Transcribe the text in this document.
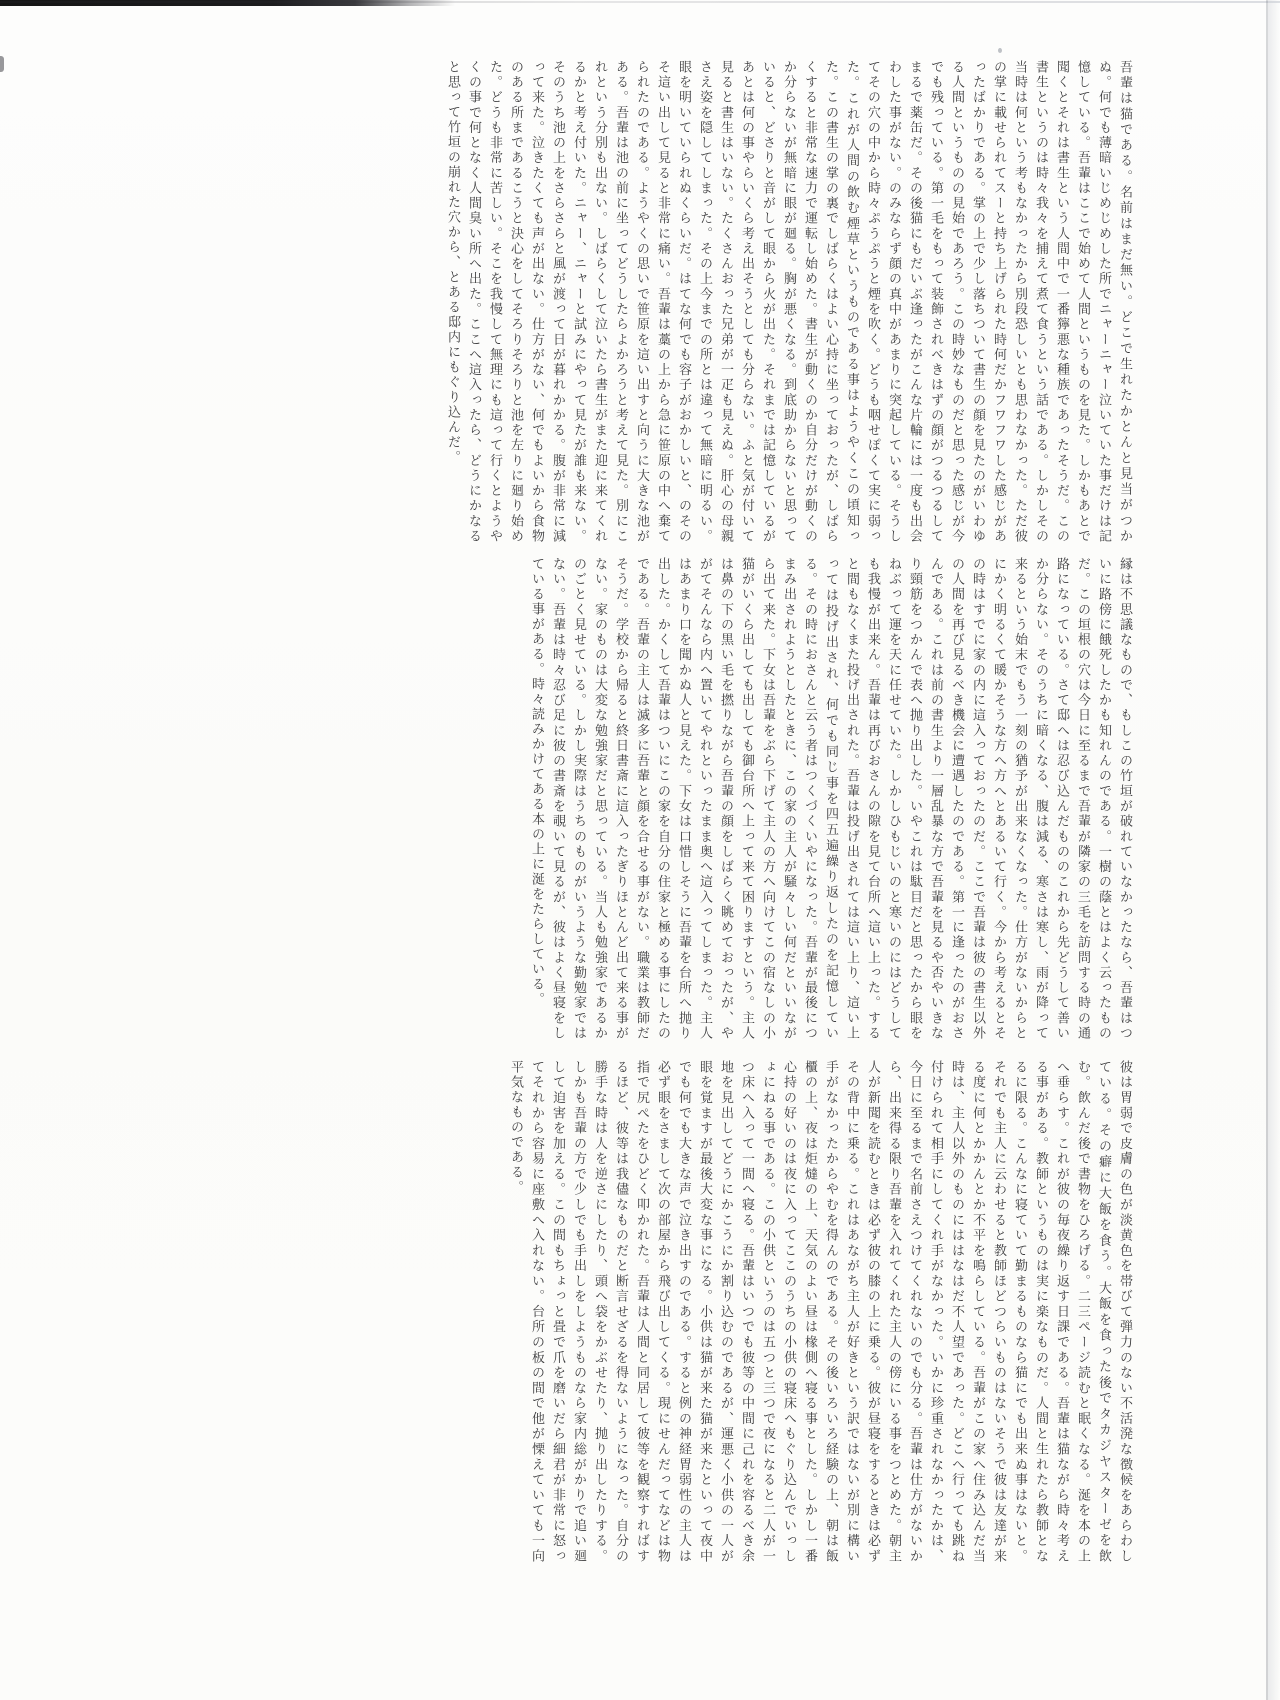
吾輩は猫である。名前はまだ無い。どこで生れたかとんと見当がつかぬ。何でも薄暗いじめじめした所でニャーニャー泣いていた事だけは記憶している。吾輩はここで始めて人間というものを見た。しかもあとで聞くとそれは書生という人間中で一番獰悪な種族であったそうだ。この書生というのは時々我々を捕えて煮て食うという話である。しかしその当時は何という考もなかったから別段恐しいとも思わなかった。ただ彼の掌に載せられてスーと持ち上げられた時何だかフワフワした感じがあったばかりである。掌の上で少し落ちついて書生の顔を見たのがいわゆる人間というものの見始であろう。この時妙なものだと思った感じが今でも残っている。第一毛をもって装飾されべきはずの顔がつるつるしてまるで薬缶だ。その後猫にもだいぶ逢ったがこんな片輪には一度も出会わした事がない。のみならず顔の真中があまりに突起している。そうしてその穴の中から時々ぷうぷうと煙を吹く。どうも咽せぽくて実に弱った。これが人間の飲む煙草というものである事はようやくこの頃知った。この書生の掌の裏でしばらくはよい心持に坐っておったが、しばらくすると非常な速力で運転し始めた。書生が動くのか自分だけが動くのか分らないが無暗に眼が廻る。胸が悪くなる。到底助からないと思っていると、どさりと音がして眼から火が出た。それまでは記憶しているがあとは何の事やらいくら考え出そうとしても分らない。ふと気が付いて見ると書生はいない。たくさんおった兄弟が一疋も見えぬ。肝心の母親さえ姿を隠してしまった。その上今までの所とは違って無暗に明るい。眼を明いていられぬくらいだ。はてな何でも容子がおかしいと、のそのそ這い出して見ると非常に痛い。吾輩は藁の上から急に笹原の中へ棄てられたのである。ようやくの思いで笹原を這い出すと向うに大きな池がある。吾輩は池の前に坐ってどうしたらよかろうと考えて見た。別にこれという分別も出ない。しばらくして泣いたら書生がまた迎に来てくれるかと考え付いた。ニャー、ニャーと試みにやって見たが誰も来ない。そのうち池の上をさらさらと風が渡って日が暮れかかる。腹が非常に減って来た。泣きたくても声が出ない。仕方がない、何でもよいから食物のある所まであるこうと決心をしてそろりそろりと池を左りに廻り始めた。どうも非常に苦しい。そこを我慢して無理にも這って行くとようやくの事で何となく人間臭い所へ出た。ここへ這入ったら、どうにかなると思って竹垣の崩れた穴から、とある邸内にもぐり込んだ。
縁は不思議なもので、もしこの竹垣が破れていなかったなら、吾輩はついに路傍に餓死したかも知れんのである。一樹の蔭とはよく云ったものだ。この垣根の穴は今日に至るまで吾輩が隣家の三毛を訪問する時の通路になっている。さて邸へは忍び込んだもののこれから先どうして善いか分らない。そのうちに暗くなる、腹は減る、寒さは寒し、雨が降って来るという始末でもう一刻の猶予が出来なくなった。仕方がないからとにかく明るくて暖かそうな方へ方へとあるいて行く。今から考えるとその時はすでに家の内に這入っておったのだ。ここで吾輩は彼の書生以外の人間を再び見るべき機会に遭遇したのである。第一に逢ったのがおさんである。これは前の書生より一層乱暴な方で吾輩を見るや否やいきなり頸筋をつかんで表へ抛り出した。いやこれは駄目だと思ったから眼をねぶって運を天に任せていた。しかしひもじいのと寒いのにはどうしても我慢が出来ん。吾輩は再びおさんの隙を見て台所へ這い上った。すると間もなくまた投げ出された。吾輩は投げ出されては這い上り、這い上っては投げ出され、何でも同じ事を四五遍繰り返したのを記憶している。その時におさんと云う者はつくづくいやになった。吾輩が最後につまみ出されようとしたときに、この家の主人が騒々しい何だといいながら出て来た。下女は吾輩をぶら下げて主人の方へ向けてこの宿なしの小猫がいくら出しても出しても御台所へ上って来て困りますという。主人は鼻の下の黒い毛を撚りながら吾輩の顔をしばらく眺めておったが、やがてそんなら内へ置いてやれといったまま奥へ這入ってしまった。主人はあまり口を聞かぬ人と見えた。下女は口惜しそうに吾輩を台所へ抛り出した。かくして吾輩はついにこの家を自分の住家と極める事にしたのである。吾輩の主人は滅多に吾輩と顔を合せる事がない。職業は教師だそうだ。学校から帰ると終日書斎に這入ったぎりほとんど出て来る事がない。家のものは大変な勉強家だと思っている。当人も勉強家であるかのごとく見せている。しかし実際はうちのものがいうような勤勉家ではない。吾輩は時々忍び足に彼の書斎を覗いて見るが、彼はよく昼寝をしている事がある。時々読みかけてある本の上に涎をたらしている。
彼は胃弱で皮膚の色が淡黄色を帯びて弾力のない不活溌な徴候をあらわしている。その癖に大飯を食う。大飯を食った後でタカジヤスターゼを飲む。飲んだ後で書物をひろげる。二三ページ読むと眠くなる。涎を本の上へ垂らす。これが彼の毎夜繰り返す日課である。吾輩は猫ながら時々考える事がある。教師というものは実に楽なものだ。人間と生れたら教師となるに限る。こんなに寝ていて勤まるものなら猫にでも出来ぬ事はないと。それでも主人に云わせると教師ほどつらいものはないそうで彼は友達が来る度に何とかかんとか不平を鳴らしている。吾輩がこの家へ住み込んだ当時は、主人以外のものにははなはだ不人望であった。どこへ行っても跳ね付けられて相手にしてくれ手がなかった。いかに珍重されなかったかは、今日に至るまで名前さえつけてくれないのでも分る。吾輩は仕方がないから、出来得る限り吾輩を入れてくれた主人の傍にいる事をつとめた。朝主人が新聞を読むときは必ず彼の膝の上に乗る。彼が昼寝をするときは必ずその背中に乗る。これはあながち主人が好きという訳ではないが別に構い手がなかったからやむを得んのである。その後いろいろ経験の上、朝は飯櫃の上、夜は炬燵の上、天気のよい昼は椽側へ寝る事とした。しかし一番心持の好いのは夜に入ってここのうちの小供の寝床へもぐり込んでいっしょにねる事である。この小供というのは五つと三つで夜になると二人が一つ床へ入って一間へ寝る。吾輩はいつでも彼等の中間に己れを容るべき余地を見出してどうにかこうにか割り込むのであるが、運悪く小供の一人が眼を覚ますが最後大変な事になる。小供は猫が来た猫が来たといって夜中でも何でも大きな声で泣き出すのである。すると例の神経胃弱性の主人は必ず眼をさまして次の部屋から飛び出してくる。現にせんだってなどは物指で尻ぺたをひどく叩かれた。吾輩は人間と同居して彼等を観察すればするほど、彼等は我儘なものだと断言せざるを得ないようになった。自分の勝手な時は人を逆さにしたり、頭へ袋をかぶせたり、抛り出したりする。しかも吾輩の方で少しでも手出しをしようものなら家内総がかりで追い廻して迫害を加える。この間もちょっと畳で爪を磨いだら細君が非常に怒ってそれから容易に座敷へ入れない。台所の板の間で他が慄えていても一向平気なものである。
